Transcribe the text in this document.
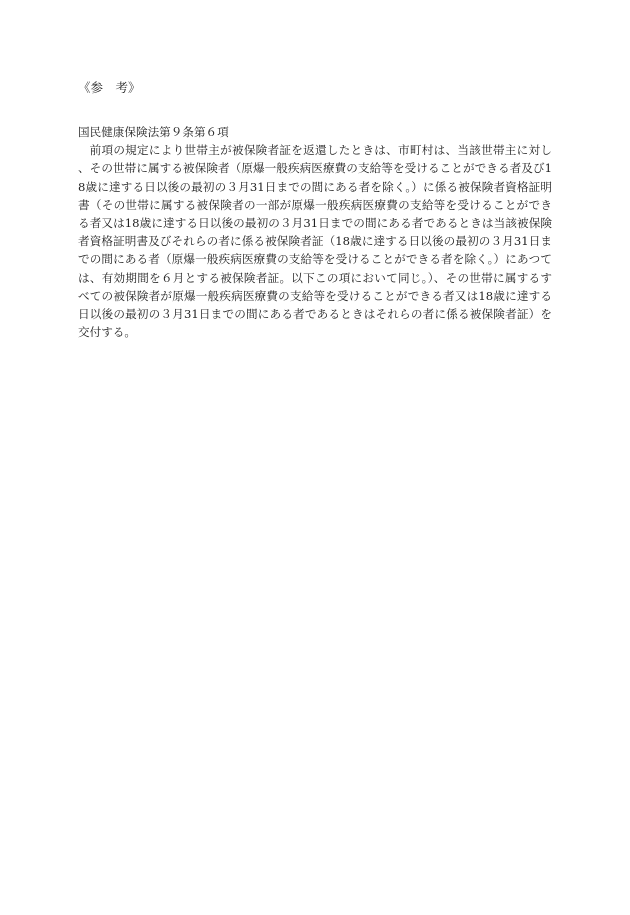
《参　考》
国民健康保険法第９条第６項
前項の規定により世帯主が被保険者証を返還したときは、市町村は、当該世帯主に対し、その世帯に属する被保険者（原爆一般疾病医療費の支給等を受けることができる者及び18歳に達する日以後の最初の３月31日までの間にある者を除く。）に係る被保険者資格証明書（その世帯に属する被保険者の一部が原爆一般疾病医療費の支給等を受けることができる者又は18歳に達する日以後の最初の３月31日までの間にある者であるときは当該被保険者資格証明書及びそれらの者に係る被保険者証（18歳に達する日以後の最初の３月31日までの間にある者（原爆一般疾病医療費の支給等を受けることができる者を除く。）にあつては、有効期間を６月とする被保険者証。以下この項において同じ。）、その世帯に属するすべての被保険者が原爆一般疾病医療費の支給等を受けることができる者又は18歳に達する日以後の最初の３月31日までの間にある者であるときはそれらの者に係る被保険者証）を交付する。
